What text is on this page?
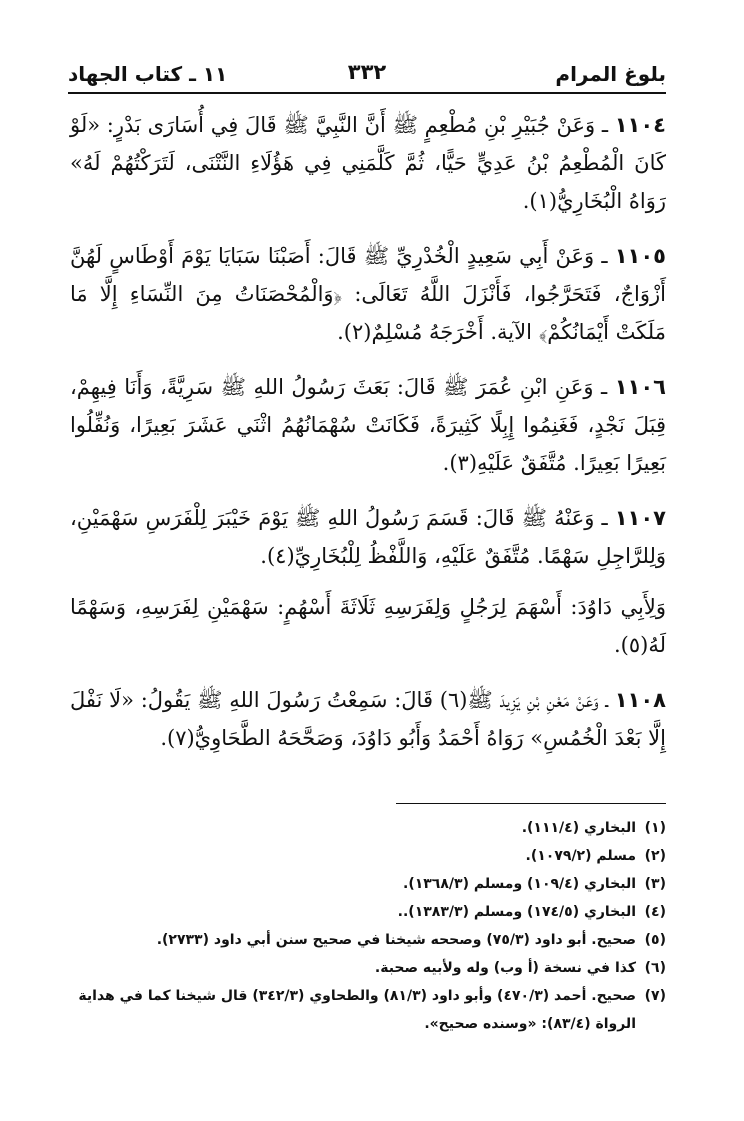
بلوغ المرام
٣٣٢
١١ ـ كتاب الجهاد

١١٠٤ ـ وَعَنْ جُبَيْرِ بْنِ مُطْعِمٍ ﷺ أَنَّ النَّبِيَّ ﷺ قَالَ فِي أُسَارَى بَدْرٍ: «لَوْ كَانَ الْمُطْعِمُ بْنُ عَدِيٍّ حَيًّا، ثُمَّ كَلَّمَنِي فِي هَؤُلَاءِ النَّتْنَى، لَتَرَكْتُهُمْ لَهُ» رَوَاهُ الْبُخَارِيُّ(١).

١١٠٥ ـ وَعَنْ أَبِي سَعِيدٍ الْخُدْرِيِّ ﷺ قَالَ: أَصَبْنَا سَبَايَا يَوْمَ أَوْطَاسٍ لَهُنَّ أَزْوَاجٌ، فَتَحَرَّجُوا، فَأَنْزَلَ اللَّهُ تَعَالَى: ﴿وَالْمُحْصَنَاتُ مِنَ النِّسَاءِ إِلَّا مَا مَلَكَتْ أَيْمَانُكُمْ﴾ الآية. أَخْرَجَهُ مُسْلِمٌ(٢).

١١٠٦ ـ وَعَنِ ابْنِ عُمَرَ ﷺ قَالَ: بَعَثَ رَسُولُ اللهِ ﷺ سَرِيَّةً، وَأَنَا فِيهِمْ، قِبَلَ نَجْدٍ، فَغَنِمُوا إِبِلًا كَثِيرَةً، فَكَانَتْ سُهْمَانُهُمُ اثْنَي عَشَرَ بَعِيرًا، وَنُفِّلُوا بَعِيرًا بَعِيرًا. مُتَّفَقٌ عَلَيْهِ(٣).

١١٠٧ ـ وَعَنْهُ ﷺ قَالَ: قَسَمَ رَسُولُ اللهِ ﷺ يَوْمَ خَيْبَرَ لِلْفَرَسِ سَهْمَيْنِ، وَلِلرَّاجِلِ سَهْمًا. مُتَّفَقٌ عَلَيْهِ، وَاللَّفْظُ لِلْبُخَارِيِّ(٤).

وَلِأَبِي دَاوُدَ: أَسْهَمَ لِرَجُلٍ وَلِفَرَسِهِ ثَلَاثَةَ أَسْهُمٍ: سَهْمَيْنِ لِفَرَسِهِ، وَسَهْمًا لَهُ(٥).

١١٠٨ ـ وَعَنْ مَعْنِ بْنِ يَزِيدَ ﷺ(٦) قَالَ: سَمِعْتُ رَسُولَ اللهِ ﷺ يَقُولُ: «لَا نَفْلَ إِلَّا بَعْدَ الْخُمُسِ» رَوَاهُ أَحْمَدُ وَأَبُو دَاوُدَ، وَصَحَّحَهُ الطَّحَاوِيُّ(٧).

(١)
البخاري (١١١/٤).
(٢)
مسلم (١٠٧٩/٢).
(٣)
البخاري (١٠٩/٤) ومسلم (١٣٦٨/٣).
(٤)
البخاري (١٧٤/٥) ومسلم (١٣٨٣/٣)..
(٥)
صحيح. أبو داود (٧٥/٣) وصححه شيخنا في صحيح سنن أبي داود (٢٧٣٣).
(٦)
كذا في نسخة (أ وب) وله ولأبيه صحبة.
(٧)
صحيح. أحمد (٤٧٠/٣) وأبو داود (٨١/٣) والطحاوي (٣٤٢/٣) قال شيخنا كما في هداية الرواة (٨٣/٤): «وسنده صحيح».
